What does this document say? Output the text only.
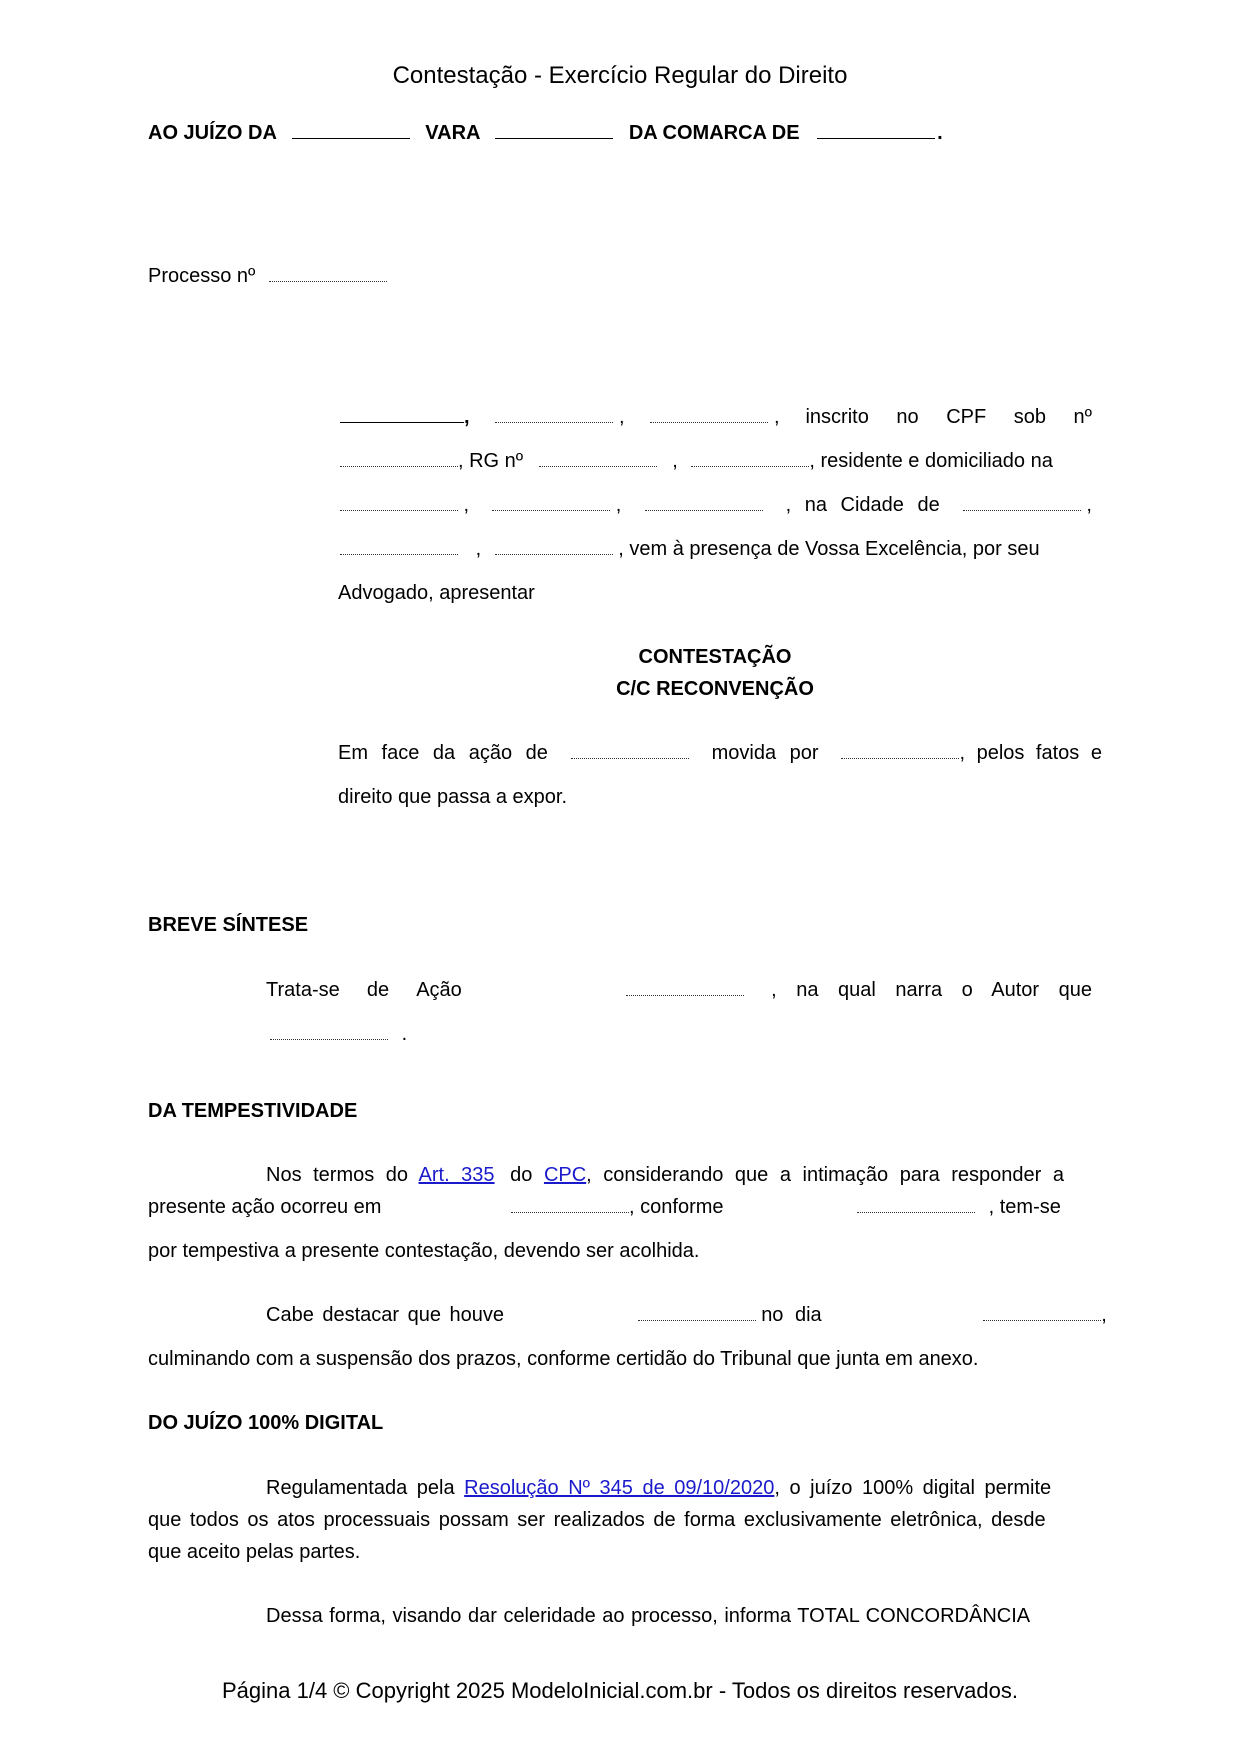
Contestação - Exercício Regular do Direito
AO JUÍZO DA	VARA	DA COMARCA DE	.
Processo nº
,	,	, inscrito no CPF sob nº
, RG nº	,	, residente e domiciliado na
,	,	, na Cidade de	,
,	, vem à presença de Vossa Excelência, por seu
Advogado, apresentar
CONTESTAÇÃO
C/C RECONVENÇÃO
Em face da ação de	movida por	, pelos fatos e
direito que passa a expor.
BREVE SÍNTESE
Trata-se de Ação	, na qual narra o Autor que
.
DA TEMPESTIVIDADE
Nos termos do Art. 335 do CPC, considerando que a intimação para responder a
presente ação ocorreu em	, conforme	, tem-se
por tempestiva a presente contestação, devendo ser acolhida.
Cabe destacar que houve	no dia	,
culminando com a suspensão dos prazos, conforme certidão do Tribunal que junta em anexo.
DO JUÍZO 100% DIGITAL
Regulamentada pela Resolução Nº 345 de 09/10/2020, o juízo 100% digital permite
que todos os atos processuais possam ser realizados de forma exclusivamente eletrônica, desde
que aceito pelas partes.
Dessa forma, visando dar celeridade ao processo, informa TOTAL CONCORDÂNCIA
Página 1/4 © Copyright 2025 ModeloInicial.com.br - Todos os direitos reservados.
